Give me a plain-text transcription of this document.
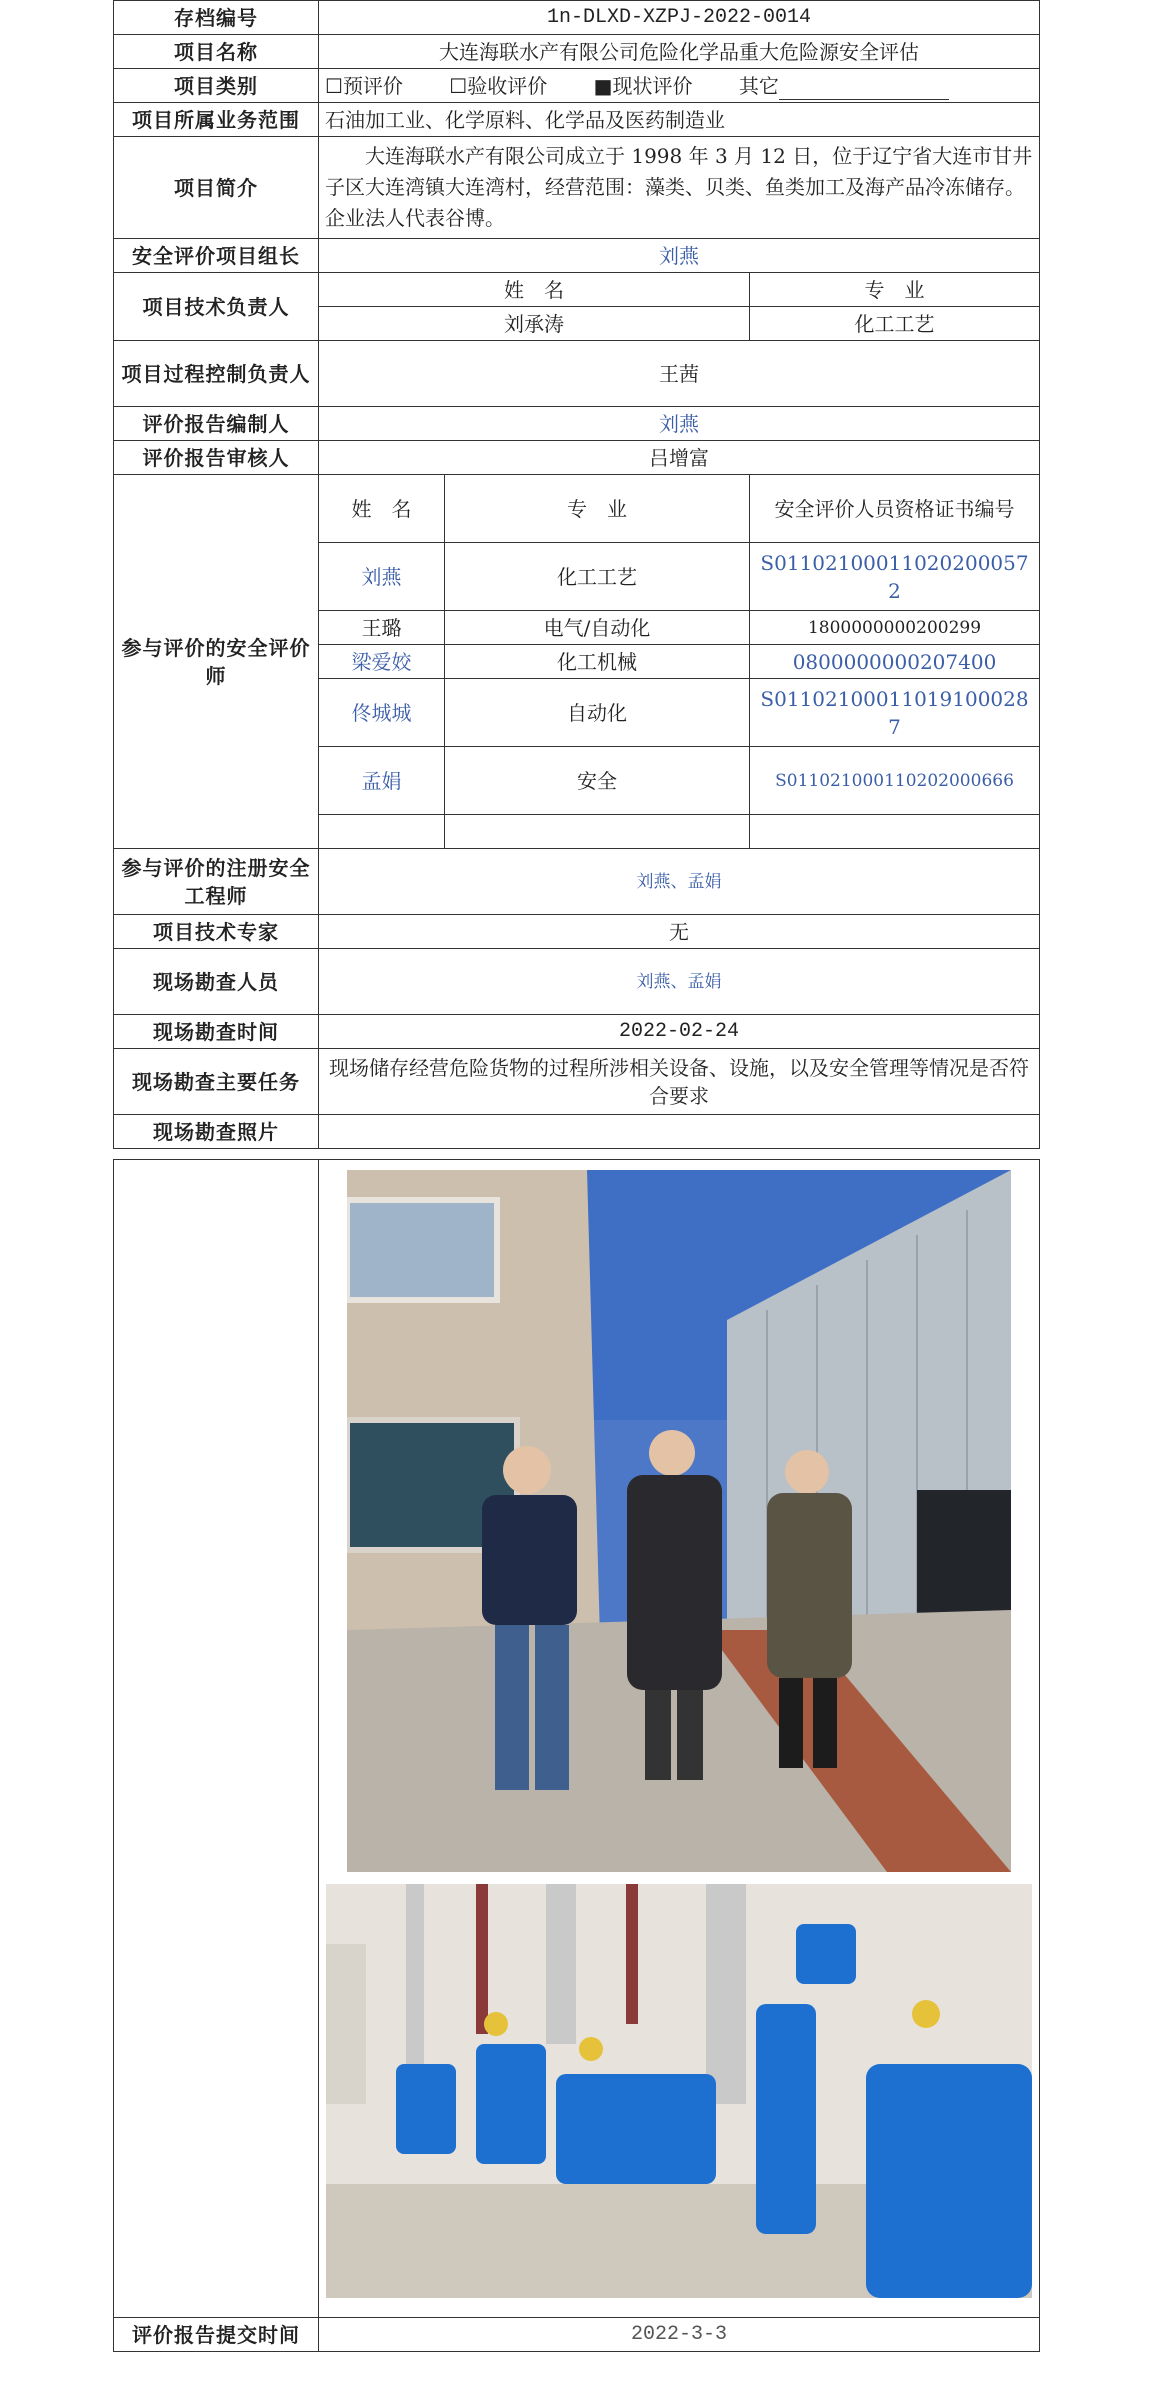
存档编号	1n-DLXD-XZPJ-2022-0014		
项目名称	大连海联水产有限公司危险化学品重大危险源安全评估		
项目类别	☐预评价 ☐验收评价 ■现状评价 其它		
项目所属业务范围	石油加工业、化学原料、化学品及医药制造业		
项目简介	大连海联水产有限公司成立于 1998 年 3 月 12 日，位于辽宁省大连市甘井子区大连湾镇大连湾村，经营范围：藻类、贝类、鱼类加工及海产品冷冻储存。企业法人代表谷博。		
安全评价项目组长	刘燕		
项目技术负责人	姓　名		专　业
	刘承涛		化工工艺
项目过程控制负责人	王茜		
评价报告编制人	刘燕		
评价报告审核人	吕增富		
参与评价的安全评价师	姓　名	专　业	安全评价人员资格证书编号
	刘燕	化工工艺	S011021000110202000572
	王璐	电气/自动化	1800000000200299
	梁爱姣	化工机械	0800000000207400
	佟城城	自动化	S011021000110191000287
	孟娟	安全	S011021000110202000666

参与评价的注册安全工程师	刘燕、孟娟		
项目技术专家	无		
现场勘查人员	刘燕、孟娟		
现场勘查时间	2022-02-24		
现场勘查主要任务	现场储存经营危险货物的过程所涉相关设备、设施，以及安全管理等情况是否符合要求		
现场勘查照片			

评价报告提交时间	2022-3-3
